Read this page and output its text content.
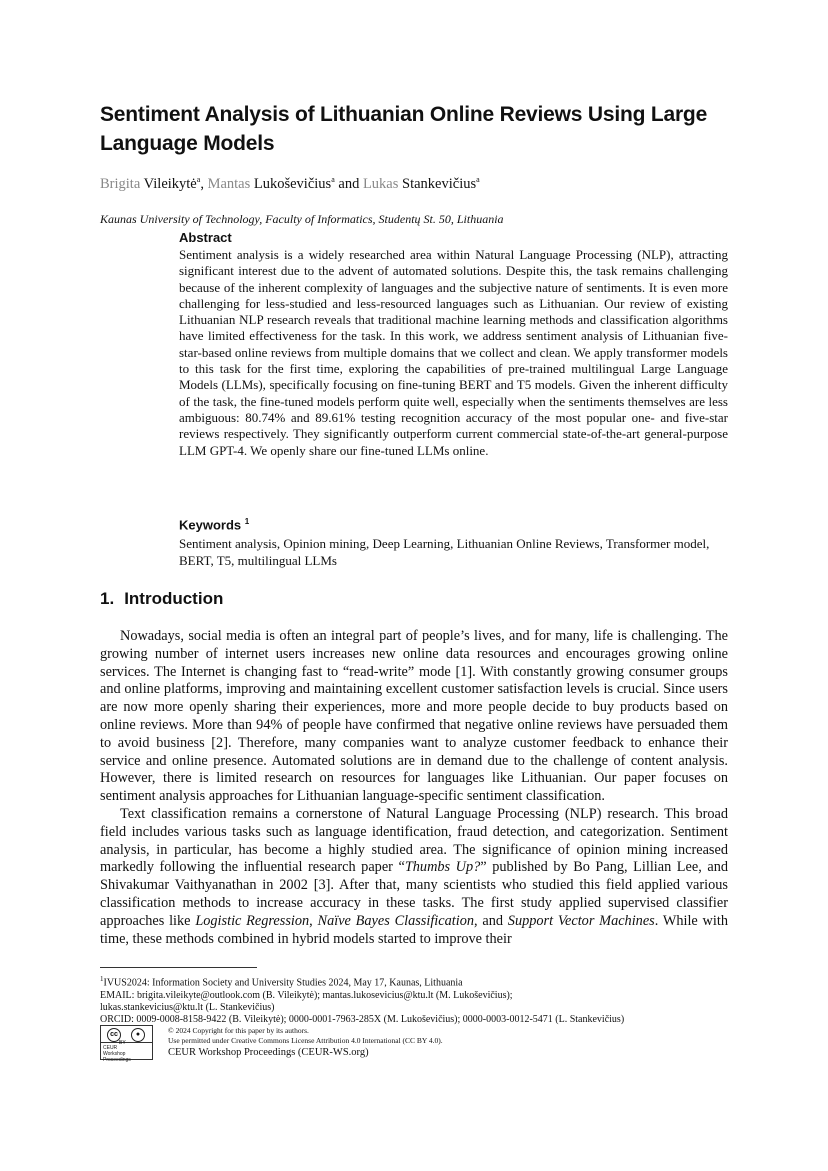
Sentiment Analysis of Lithuanian Online Reviews Using Large Language Models
Brigita Vileikytė$^a$, Mantas Lukoševičius$^a$ and Lukas Stankevičius$^a$
Kaunas University of Technology, Faculty of Informatics, Studentų St. 50, Lithuania
Abstract
Sentiment analysis is a widely researched area within Natural Language Processing (NLP), attracting significant interest due to the advent of automated solutions. Despite this, the task remains challenging because of the inherent complexity of languages and the subjective nature of sentiments. It is even more challenging for less-studied and less-resourced languages such as Lithuanian. Our review of existing Lithuanian NLP research reveals that traditional machine learning methods and classification algorithms have limited effectiveness for the task. In this work, we address sentiment analysis of Lithuanian five-star-based online reviews from multiple domains that we collect and clean. We apply transformer models to this task for the first time, exploring the capabilities of pre-trained multilingual Large Language Models (LLMs), specifically focusing on fine-tuning BERT and T5 models. Given the inherent difficulty of the task, the fine-tuned models perform quite well, especially when the sentiments themselves are less ambiguous: 80.74% and 89.61% testing recognition accuracy of the most popular one- and five-star reviews respectively. They significantly outperform current commercial state-of-the-art general-purpose LLM GPT-4. We openly share our fine-tuned LLMs online.
Keywords $^1$
Sentiment analysis, Opinion mining, Deep Learning, Lithuanian Online Reviews, Transformer model, BERT, T5, multilingual LLMs
1. Introduction

Nowadays, social media is often an integral part of people’s lives, and for many, life is challenging. The growing number of internet users increases new online data resources and encourages growing online services. The Internet is changing fast to “read-write” mode [1]. With constantly growing consumer groups and online platforms, improving and maintaining excellent customer satisfaction levels is crucial. Since users are now more openly sharing their experiences, more and more people decide to buy products based on online reviews. More than 94% of people have confirmed that negative online reviews have persuaded them to avoid business [2]. Therefore, many companies want to analyze customer feedback to enhance their service and online presence. Automated solutions are in demand due to the challenge of content analysis. However, there is limited research on resources for languages like Lithuanian. Our paper focuses on sentiment analysis approaches for Lithuanian language-specific sentiment classification.

Text classification remains a cornerstone of Natural Language Processing (NLP) research. This broad field includes various tasks such as language identification, fraud detection, and categorization. Sentiment analysis, in particular, has become a highly studied area. The significance of opinion mining increased markedly following the influential research paper “Thumbs Up?” published by Bo Pang, Lillian Lee, and Shivakumar Vaithyanathan in 2002 [3]. After that, many scientists who studied this field applied various classification methods to increase accuracy in these tasks. The first study applied supervised classifier approaches like Logistic Regression, Naïve Bayes Classification, and Support Vector Machines. While with time, these methods combined in hybrid models started to improve their

$^1$IVUS2024: Information Society and University Studies 2024, May 17, Kaunas, Lithuania
EMAIL: brigita.vileikyte@outlook.com (B. Vileikytė); mantas.lukosevicius@ktu.lt (M. Lukoševičius);
lukas.stankevicius@ktu.lt (L. Stankevičius)
ORCID: 0009-0008-8158-9422 (B. Vileikytė); 0000-0001-7963-285X (M. Lukoševičius); 0000-0003-0012-5471 (L. Stankevičius)
cc	●
BY
CEUR
Workshop
Proceedings
© 2024 Copyright for this paper by its authors.
Use permitted under Creative Commons License Attribution 4.0 International (CC BY 4.0).
CEUR Workshop Proceedings (CEUR-WS.org)
